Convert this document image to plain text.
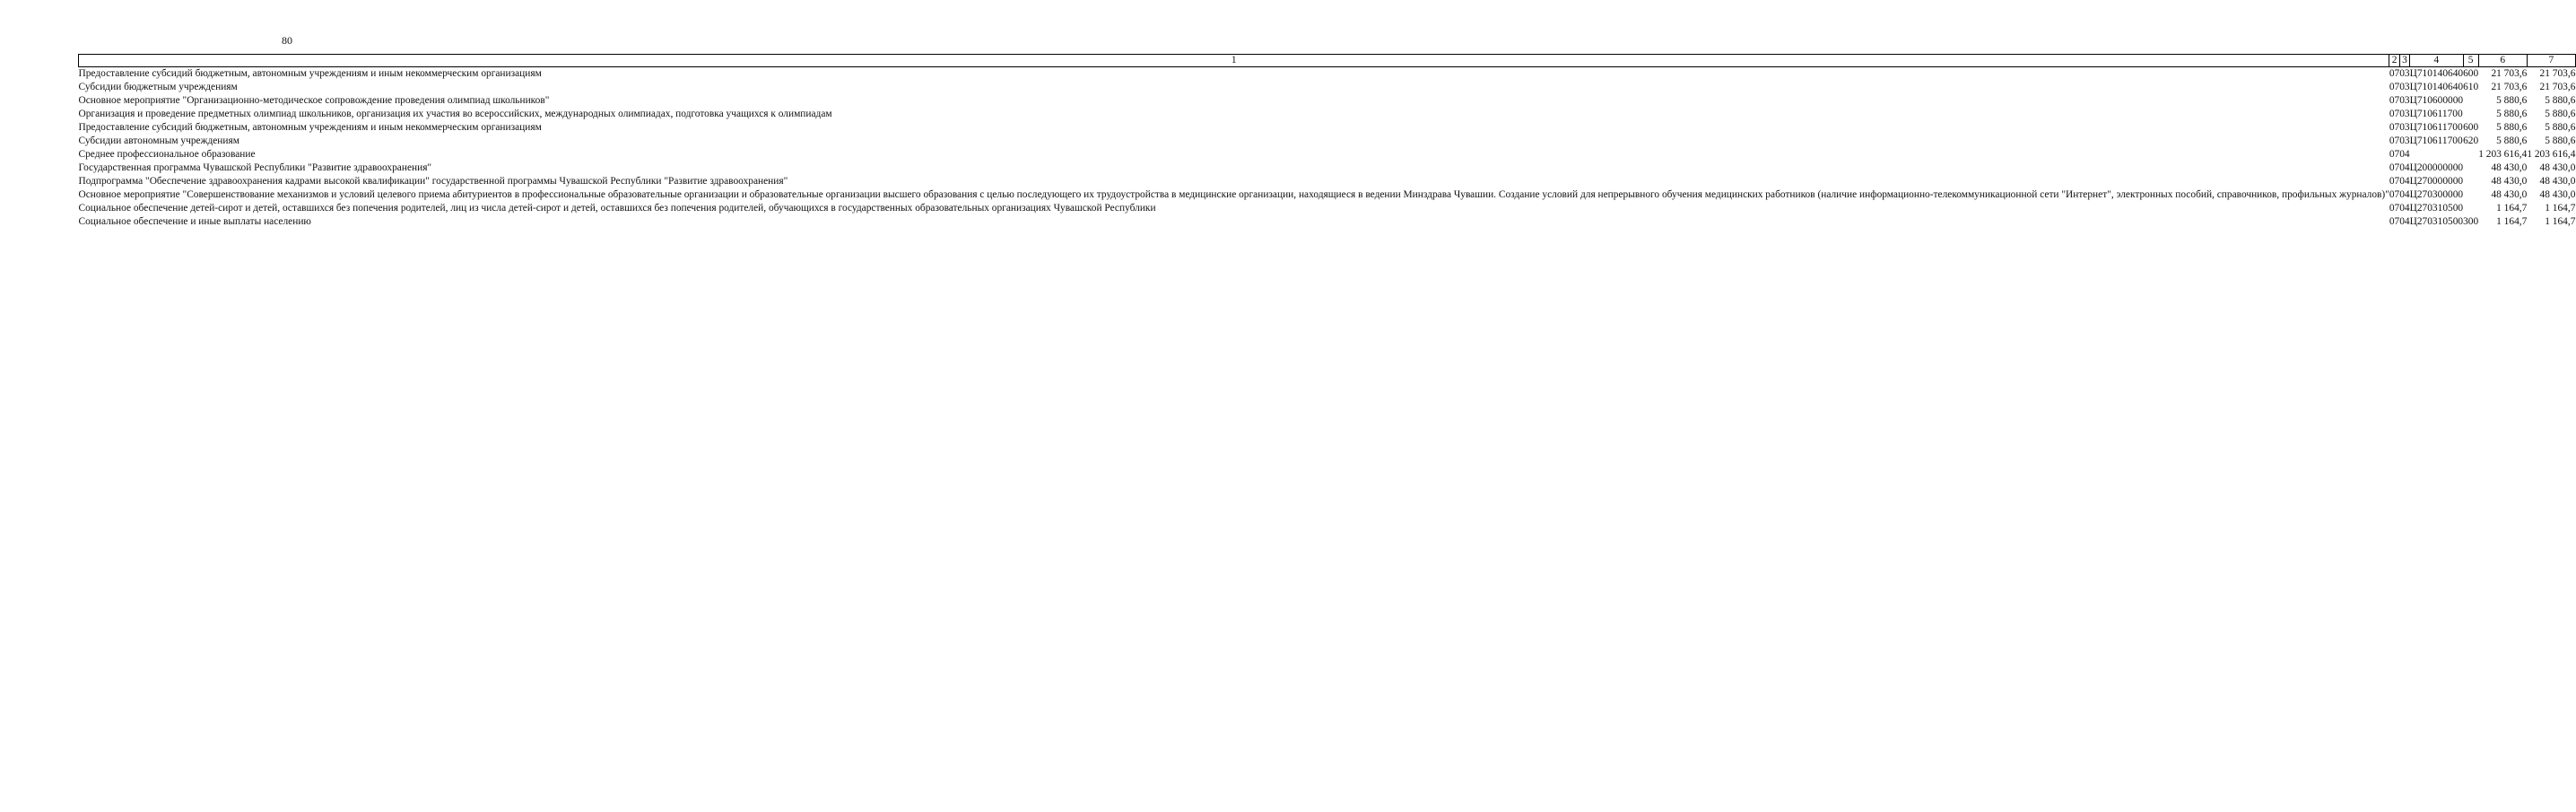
80
1	2	3	4	5	6	7
Предоставление субсидий бюджетным, автономным учреждениям и иным некоммерческим организациям	07	03	Ц710140640	600	21 703,6	21 703,6
Субсидии бюджетным учреждениям	07	03	Ц710140640	610	21 703,6	21 703,6
Основное мероприятие "Организационно-методическое сопровождение проведения олимпиад школьников"	07	03	Ц710600000		5 880,6	5 880,6
Организация и проведение предметных олимпиад школьников, организация их участия во всероссийских, международных олимпиадах, подготовка учащихся к олимпиадам	07	03	Ц710611700		5 880,6	5 880,6
Предоставление субсидий бюджетным, автономным учреждениям и иным некоммерческим организациям	07	03	Ц710611700	600	5 880,6	5 880,6
Субсидии автономным учреждениям	07	03	Ц710611700	620	5 880,6	5 880,6
Среднее профессиональное образование	07	04			1 203 616,4	1 203 616,4
Государственная программа Чувашской Республики "Развитие здравоохранения"	07	04	Ц200000000		48 430,0	48 430,0
Подпрограмма "Обеспечение здравоохранения кадрами высокой квалификации" государственной программы Чувашской Республики "Развитие здравоохранения"	07	04	Ц270000000		48 430,0	48 430,0
Основное мероприятие "Совершенствование механизмов и условий целевого приема абитуриентов в профессиональные образовательные организации и образовательные организации высшего образования с целью последующего их трудоустройства в медицинские организации, находящиеся в ведении Минздрава Чувашии. Создание условий для непрерывного обучения медицинских работников (наличие информационно-телекоммуникационной сети "Интернет", электронных пособий, справочников, профильных журналов)"	07	04	Ц270300000		48 430,0	48 430,0
Социальное обеспечение детей-сирот и детей, оставшихся без попечения родителей, лиц из числа детей-сирот и детей, оставшихся без попечения родителей, обучающихся в государственных образовательных организациях Чувашской Республики	07	04	Ц270310500		1 164,7	1 164,7
Социальное обеспечение и иные выплаты населению	07	04	Ц270310500	300	1 164,7	1 164,7
